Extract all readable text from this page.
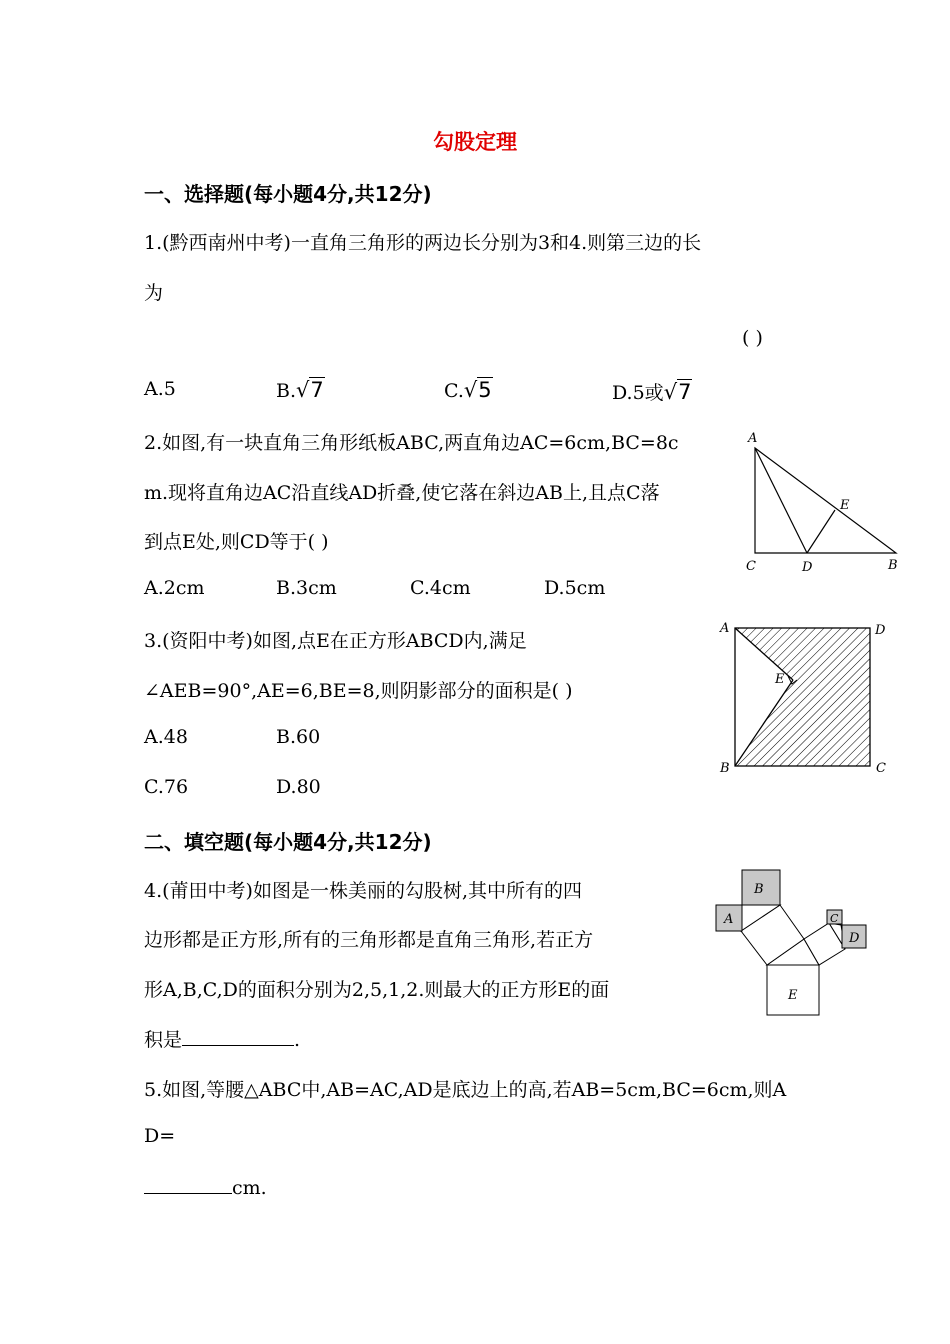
勾股定理
一、选择题(每小题4分,共12分)
1.(黔西南州中考)一直角三角形的两边长分别为3和4.则第三边的长
为
( )
A.5	B.√7	C.√5	D.5或√7
2.如图,有一块直角三角形纸板ABC,两直角边AC=6cm,BC=8c
m.现将直角边AC沿直线AD折叠,使它落在斜边AB上,且点C落
到点E处,则CD等于( )
A.2cm	B.3cm	C.4cm	D.5cm
A
C	D	B
E
3.(资阳中考)如图,点E在正方形ABCD内,满足
∠AEB=90°,AE=6,BE=8,则阴影部分的面积是( )
A.48	B.60
C.76	D.80
A	D
E
B	C
二、填空题(每小题4分,共12分)
4.(莆田中考)如图是一株美丽的勾股树,其中所有的四
边形都是正方形,所有的三角形都是直角三角形,若正方
形A,B,C,D的面积分别为2,5,1,2.则最大的正方形E的面
积是	.
A
B
C
D
E
5.如图,等腰△ABC中,AB=AC,AD是底边上的高,若AB=5cm,BC=6cm,则A
D=
cm.
